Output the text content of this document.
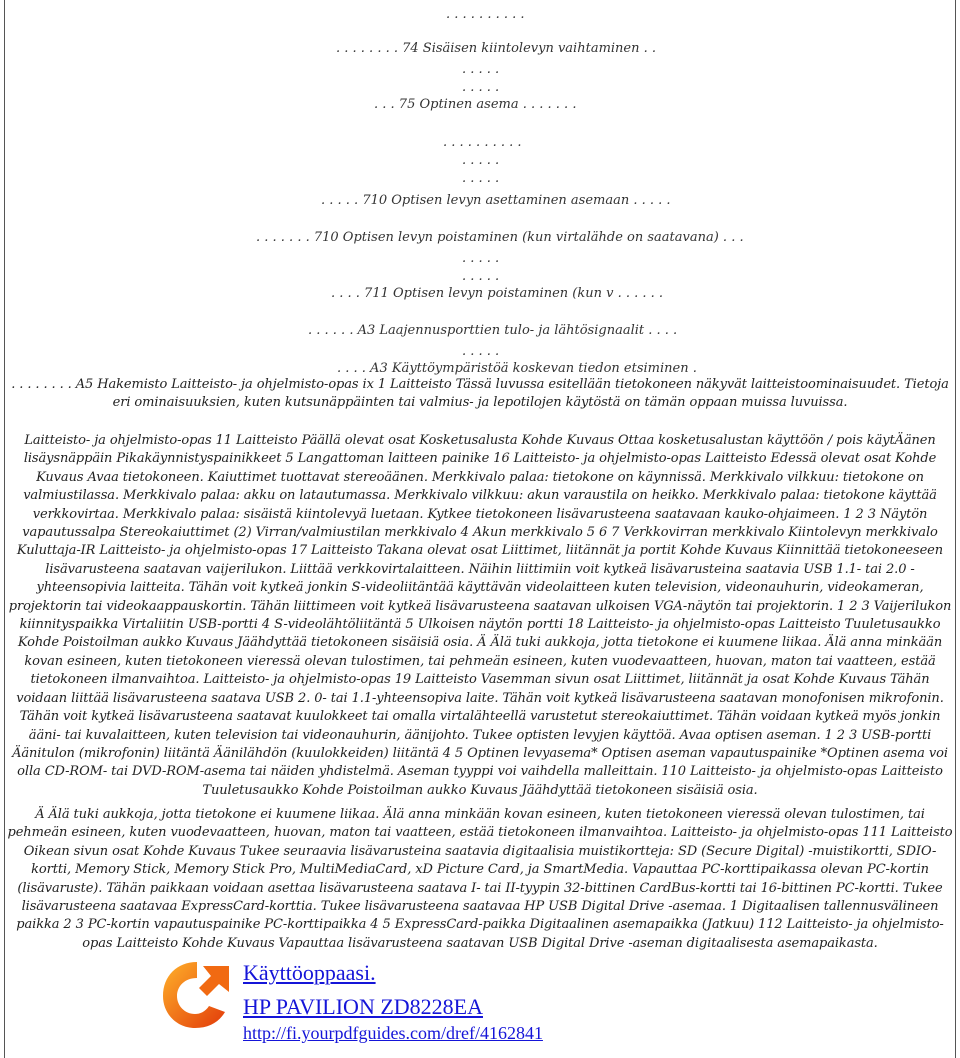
. . . . . . . . . .
. . . . . . . . 74 Sisäisen kiintolevyn vaihtaminen . .
. . . . .
. . . . .
. . . 75 Optinen asema . . . . . . .
. . . . . . . . . .
. . . . .
. . . . .
. . . . . 710 Optisen levyn asettaminen asemaan . . . . .
. . . . . . . 710 Optisen levyn poistaminen (kun virtalähde on saatavana) . . .
. . . . .
. . . . .
. . . . 711 Optisen levyn poistaminen (kun v . . . . . .
. . . . . . A3 Laajennusporttien tulo- ja lähtösignaalit . . . .
. . . . .
. . . . A3 Käyttöympäristöä koskevan tiedon etsiminen .
. . . . . . . . A5 Hakemisto Laitteisto- ja ohjelmisto-opas ix 1 Laitteisto Tässä luvussa esitellään tietokoneen näkyvät laitteistoominaisuudet. Tietoja eri ominaisuuksien, kuten kutsunäppäinten tai valmius- ja lepotilojen käytöstä on tämän oppaan muissa luvuissa.
Laitteisto- ja ohjelmisto-opas 11 Laitteisto Päällä olevat osat Kosketusalusta Kohde Kuvaus Ottaa kosketusalustan käyttöön / pois käytÄänen lisäysnäppäin Pikakäynnistyspainikkeet 5 Langattoman laitteen painike 16 Laitteisto- ja ohjelmisto-opas Laitteisto Edessä olevat osat Kohde Kuvaus Avaa tietokoneen. Kaiuttimet tuottavat stereoäänen. Merkkivalo palaa: tietokone on käynnissä. Merkkivalo vilkkuu: tietokone on valmiustilassa. Merkkivalo palaa: akku on latautumassa. Merkkivalo vilkkuu: akun varaustila on heikko. Merkkivalo palaa: tietokone käyttää verkkovirtaa. Merkkivalo palaa: sisäistä kiintolevyä luetaan. Kytkee tietokoneen lisävarusteena saatavaan kauko-ohjaimeen. 1 2 3 Näytön vapautussalpa Stereokaiuttimet (2) Virran/valmiustilan merkkivalo 4 Akun merkkivalo 5 6 7 Verkkovirran merkkivalo Kiintolevyn merkkivalo Kuluttaja-IR Laitteisto- ja ohjelmisto-opas 17 Laitteisto Takana olevat osat Liittimet, liitännät ja portit Kohde Kuvaus Kiinnittää tietokoneeseen lisävarusteena saatavan vaijerilukon. Liittää verkkovirtalaitteen. Näihin liittimiin voit kytkeä lisävarusteina saatavia USB 1.1- tai 2.0 -yhteensopivia laitteita. Tähän voit kytkeä jonkin S-videoliitäntää käyttävän videolaitteen kuten television, videonauhurin, videokameran, projektorin tai videokaappauskortin. Tähän liittimeen voit kytkeä lisävarusteena saatavan ulkoisen VGA-näytön tai projektorin. 1 2 3 Vaijerilukon kiinnityspaikka Virtaliitin USB-portti 4 S-videolähtöliitäntä 5 Ulkoisen näytön portti 18 Laitteisto- ja ohjelmisto-opas Laitteisto Tuuletusaukko Kohde Poistoilman aukko Kuvaus Jäähdyttää tietokoneen sisäisiä osia. Ä Älä tuki aukkoja, jotta tietokone ei kuumene liikaa. Älä anna minkään kovan esineen, kuten tietokoneen vieressä olevan tulostimen, tai pehmeän esineen, kuten vuodevaatteen, huovan, maton tai vaatteen, estää tietokoneen ilmanvaihtoa. Laitteisto- ja ohjelmisto-opas 19 Laitteisto Vasemman sivun osat Liittimet, liitännät ja osat Kohde Kuvaus Tähän voidaan liittää lisävarusteena saatava USB 2. 0- tai 1.1-yhteensopiva laite. Tähän voit kytkeä lisävarusteena saatavan monofonisen mikrofonin. Tähän voit kytkeä lisävarusteena saatavat kuulokkeet tai omalla virtalähteellä varustetut stereokaiuttimet. Tähän voidaan kytkeä myös jonkin ääni- tai kuvalaitteen, kuten television tai videonauhurin, äänijohto. Tukee optisten levyjen käyttöä. Avaa optisen aseman. 1 2 3 USB-portti Äänitulon (mikrofonin) liitäntä Äänilähdön (kuulokkeiden) liitäntä 4 5 Optinen levyasema* Optisen aseman vapautuspainike *Optinen asema voi olla CD-ROM- tai DVD-ROM-asema tai näiden yhdistelmä. Aseman tyyppi voi vaihdella malleittain. 110 Laitteisto- ja ohjelmisto-opas Laitteisto Tuuletusaukko Kohde Poistoilman aukko Kuvaus Jäähdyttää tietokoneen sisäisiä osia.
Ä Älä tuki aukkoja, jotta tietokone ei kuumene liikaa. Älä anna minkään kovan esineen, kuten tietokoneen vieressä olevan tulostimen, tai pehmeän esineen, kuten vuodevaatteen, huovan, maton tai vaatteen, estää tietokoneen ilmanvaihtoa. Laitteisto- ja ohjelmisto-opas 111 Laitteisto Oikean sivun osat Kohde Kuvaus Tukee seuraavia lisävarusteina saatavia digitaalisia muistikortteja: SD (Secure Digital) -muistikortti, SDIO-kortti, Memory Stick, Memory Stick Pro, MultiMediaCard, xD Picture Card, ja SmartMedia. Vapauttaa PC-korttipaikassa olevan PC-kortin (lisävaruste). Tähän paikkaan voidaan asettaa lisävarusteena saatava I- tai II-tyypin 32-bittinen CardBus-kortti tai 16-bittinen PC-kortti. Tukee lisävarusteena saatavaa ExpressCard-korttia. Tukee lisävarusteena saatavaa HP USB Digital Drive -asemaa. 1 Digitaalisen tallennusvälineen paikka 2 3 PC-kortin vapautuspainike PC-korttipaikka 4 5 ExpressCard-paikka Digitaalinen asemapaikka (Jatkuu) 112 Laitteisto- ja ohjelmisto-opas Laitteisto Kohde Kuvaus Vapauttaa lisävarusteena saatavan USB Digital Drive -aseman digitaalisesta asemapaikasta.
Käyttöoppaasi.
HP PAVILION ZD8228EA
http://fi.yourpdfguides.com/dref/4162841
